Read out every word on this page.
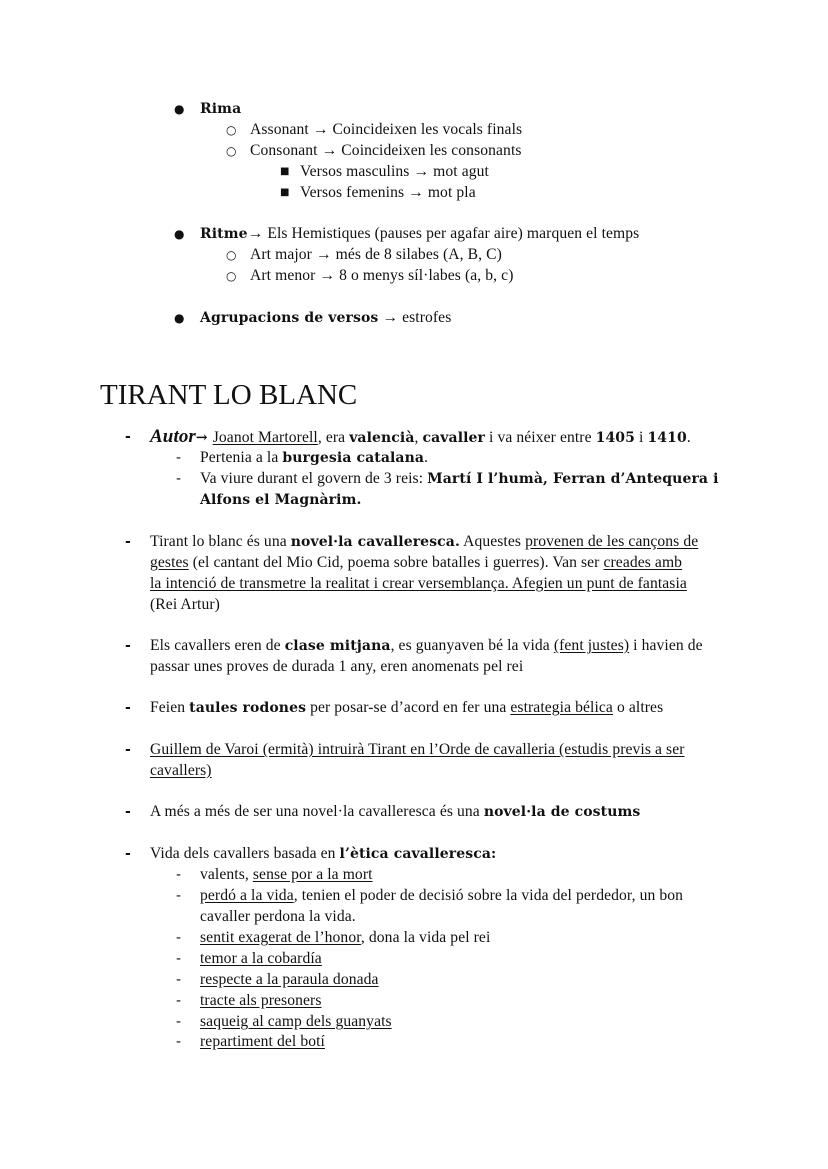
TIRANT LO BLANC
● Rima
○ Assonant → Coincideixen les vocals finals
○ Consonant → Coincideixen les consonants
■ Versos masculins → mot agut
■ Versos femenins → mot pla
● Ritme→ Els Hemistiques (pauses per agafar aire) marquen el temps
○ Art major → més de 8 silabes (A, B, C)
○ Art menor → 8 o menys síl·labes (a, b, c)
● Agrupacions de versos → estrofes
- Autor→ Joanot Martorell, era valencià, cavaller i va néixer entre 1405 i 1410.
- Pertenia a la burgesia catalana.
- Va viure durant el govern de 3 reis: Martí I l’humà, Ferran d’Antequera i
Alfons el Magnàrim.
- Tirant lo blanc és una novel·la cavalleresca. Aquestes provenen de les cançons de
gestes (el cantant del Mio Cid, poema sobre batalles i guerres). Van ser creades amb
la intenció de transmetre la realitat i crear versemblança. Afegien un punt de fantasia
(Rei Artur)
- Els cavallers eren de clase mitjana, es guanyaven bé la vida (fent justes) i havien de
passar unes proves de durada 1 any, eren anomenats pel rei
- Feien taules rodones per posar-se d’acord en fer una estrategia bélica o altres
- Guillem de Varoi (ermità) intruirà Tirant en l’Orde de cavalleria (estudis previs a ser
cavallers)
- A més a més de ser una novel·la cavalleresca és una novel·la de costums
- Vida dels cavallers basada en l’ètica cavalleresca:
- valents, sense por a la mort
- perdó a la vida, tenien el poder de decisió sobre la vida del perdedor, un bon
cavaller perdona la vida.
- sentit exagerat de l’honor, dona la vida pel rei
- temor a la cobardía
- respecte a la paraula donada
- tracte als presoners
- saqueig al camp dels guanyats
- repartiment del botí
